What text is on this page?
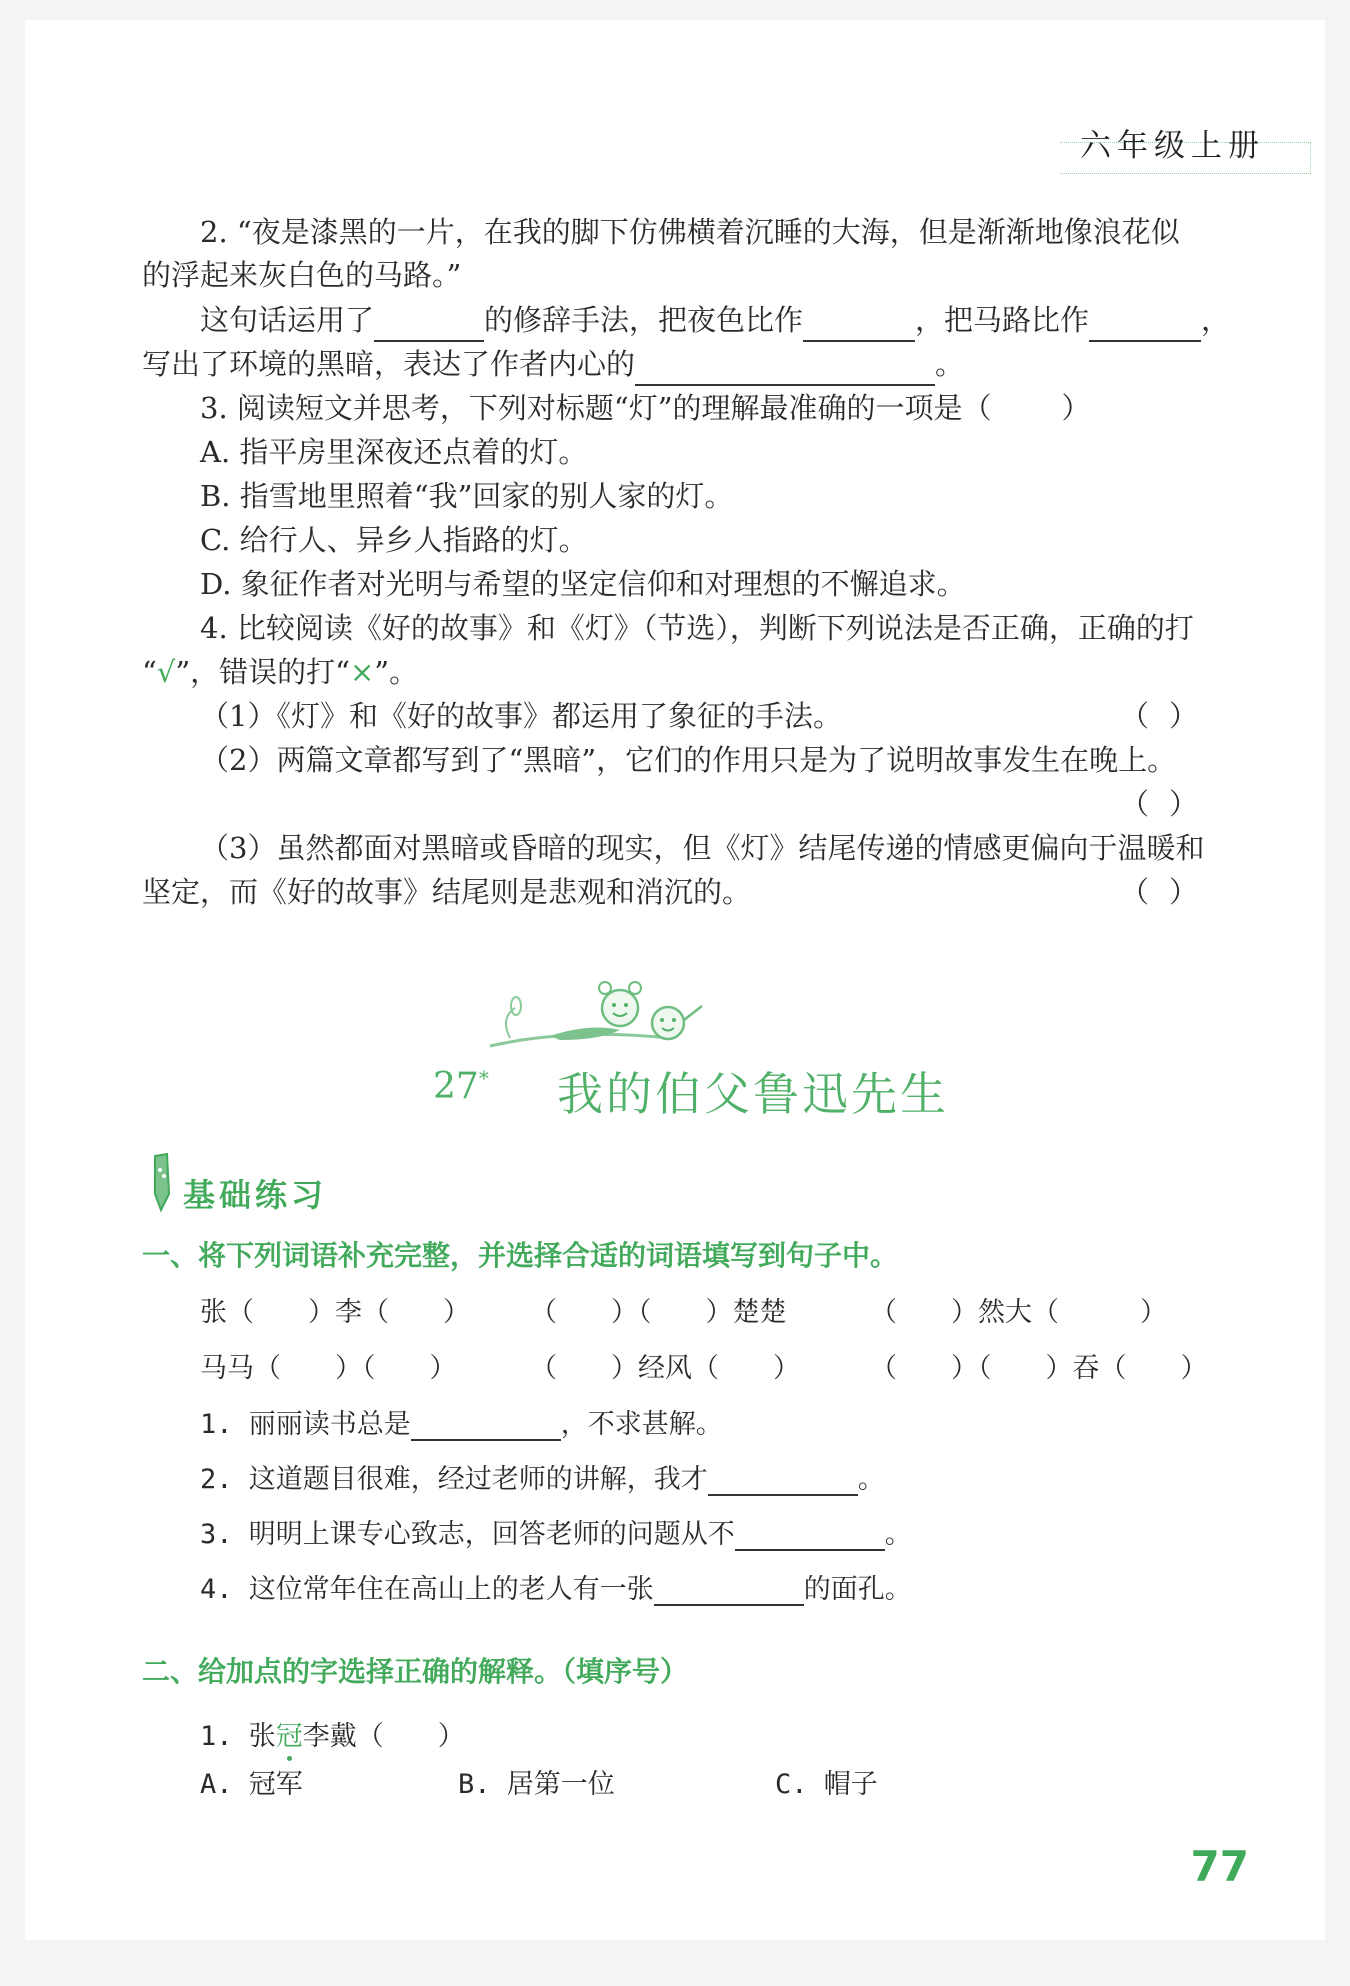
六年级上册
2. “夜是漆黑的一片，在我的脚下仿佛横着沉睡的大海，但是渐渐地像浪花似
的浮起来灰白色的马路。”
这句话运用了	的修辞手法，把夜色比作	，把马路比作	，
写出了环境的黑暗，表达了作者内心的	。
3. 阅读短文并思考，下列对标题“灯”的理解最准确的一项是（ ）
A. 指平房里深夜还点着的灯。
B. 指雪地里照着“我”回家的别人家的灯。
C. 给行人、异乡人指路的灯。
D. 象征作者对光明与希望的坚定信仰和对理想的不懈追求。
4. 比较阅读《好的故事》和《灯》（节选），判断下列说法是否正确，正确的打
“√”，错误的打“×”。
（1）《灯》和《好的故事》都运用了象征的手法。	（ ）
（2）两篇文章都写到了“黑暗”，它们的作用只是为了说明故事发生在晚上。
（ ）
（3）虽然都面对黑暗或昏暗的现实，但《灯》结尾传递的情感更偏向于温暖和
坚定，而《好的故事》结尾则是悲观和消沉的。	（ ）
27* 我的伯父鲁迅先生
基础练习
一、将下列词语补充完整，并选择合适的词语填写到句子中。
张（　　）李（　　） （　　）（　　）楚楚	（　　）然大（　　　）
马马（　　）（　　）	（　　）经风（　　）	（　　）（　　）吞（　　）
1. 丽丽读书总是	，不求甚解。
2. 这道题目很难，经过老师的讲解，我才	。
3. 明明上课专心致志，回答老师的问题从不	。
4. 这位常年住在高山上的老人有一张	的面孔。
二、给加点的字选择正确的解释。（填序号）
1. 张冠李戴（　　）
A. 冠军	B. 居第一位	C. 帽子
77
